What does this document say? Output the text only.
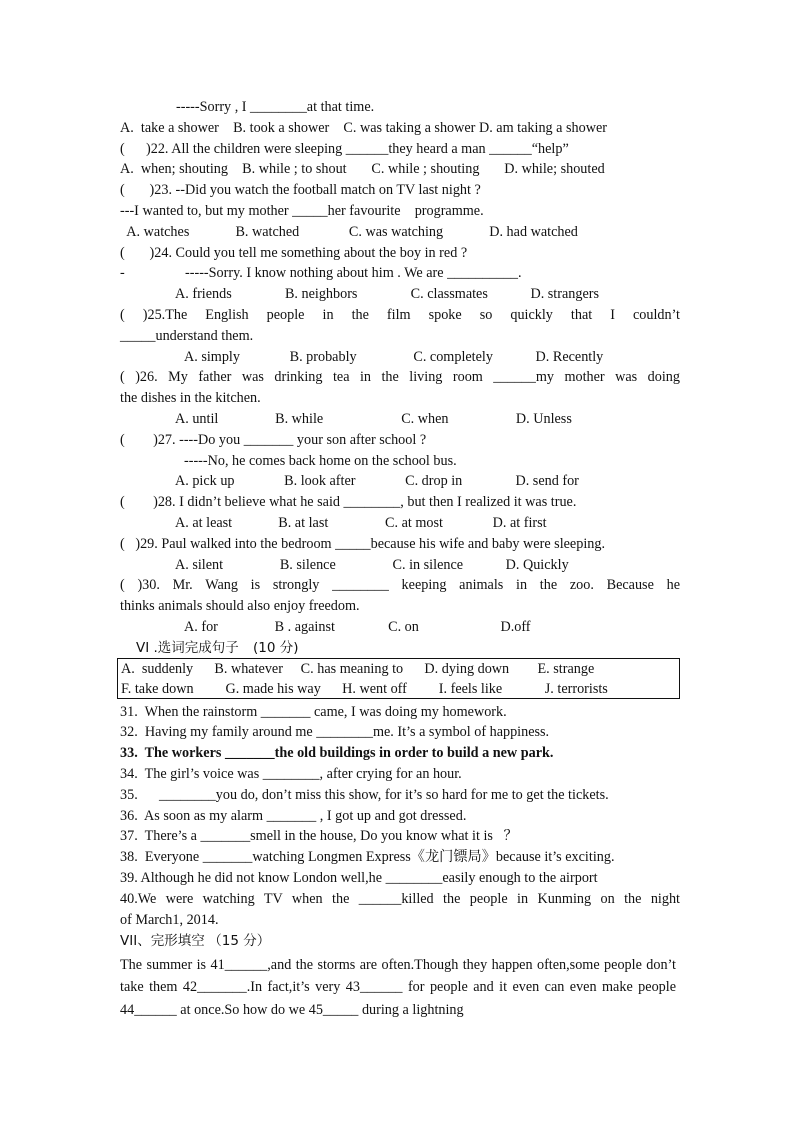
-----Sorry , I ________at that time.
A.  take a shower    B. took a shower    C. was taking a shower D. am taking a shower
(      )22. All the children were sleeping ______they heard a man ______“help”
A.  when; shouting    B. while ; to shout       C. while ; shouting       D. while; shouted
(       )23. --Did you watch the football match on TV last night ?
---I wanted to, but my mother _____her favourite    programme.
A. watches             B. watched              C. was watching             D. had watched
(       )24. Could you tell me something about the boy in red ?
-                 -----Sorry. I know nothing about him . We are __________.
A. friends               B. neighbors               C. classmates            D. strangers
( )25.The English people in the film spoke so quickly that I couldn’t
_____understand them.
A. simply              B. probably                C. completely            D. Recently
( )26. My father was drinking tea in the living room ______my mother was doing
the dishes in the kitchen.
A. until                B. while                      C. when                   D. Unless
(        )27. ----Do you _______ your son after school ?
-----No, he comes back home on the school bus.
A. pick up              B. look after              C. drop in               D. send for
(        )28. I didn’t believe what he said ________, but then I realized it was true.
A. at least             B. at last                C. at most              D. at first
(   )29. Paul walked into the bedroom _____because his wife and baby were sleeping.
A. silent                B. silence                C. in silence            D. Quickly
( )30. Mr. Wang is strongly ________ keeping animals in the zoo. Because he
thinks animals should also enjoy freedom.
A. for                B . against               C. on                       D.off
VI .选词完成句子 (10 分)
A.  suddenly      B. whatever     C. has meaning to      D. dying down        E. strange
F. take down         G. made his way      H. went off         I. feels like            J. terrorists
31.  When the rainstorm _______ came, I was doing my homework.
32.  Having my family around me ________me. It’s a symbol of happiness.
33.  The workers _______the old buildings in order to build a new park.
34.  The girl’s voice was ________, after crying for an hour.
35.      ________you do, don’t miss this show, for it’s so hard for me to get the tickets.
36.  As soon as my alarm _______ , I got up and got dressed.
37.  There’s a _______smell in the house, Do you know what it is   ？
38.  Everyone _______watching Longmen Express《龙门镖局》because it’s exciting.
39. Although he did not know London well,he ________easily enough to the airport
40.We were watching TV when the ______killed the people in Kunming on the night
of March1, 2014.
VII、完形填空 （15 分）
The summer is 41______,and the storms are often.Though they happen often,some people don’t take them 42_______.In fact,it’s very 43______ for people and it even can even make people 44______ at once.So how do we 45_____ during a lightning
